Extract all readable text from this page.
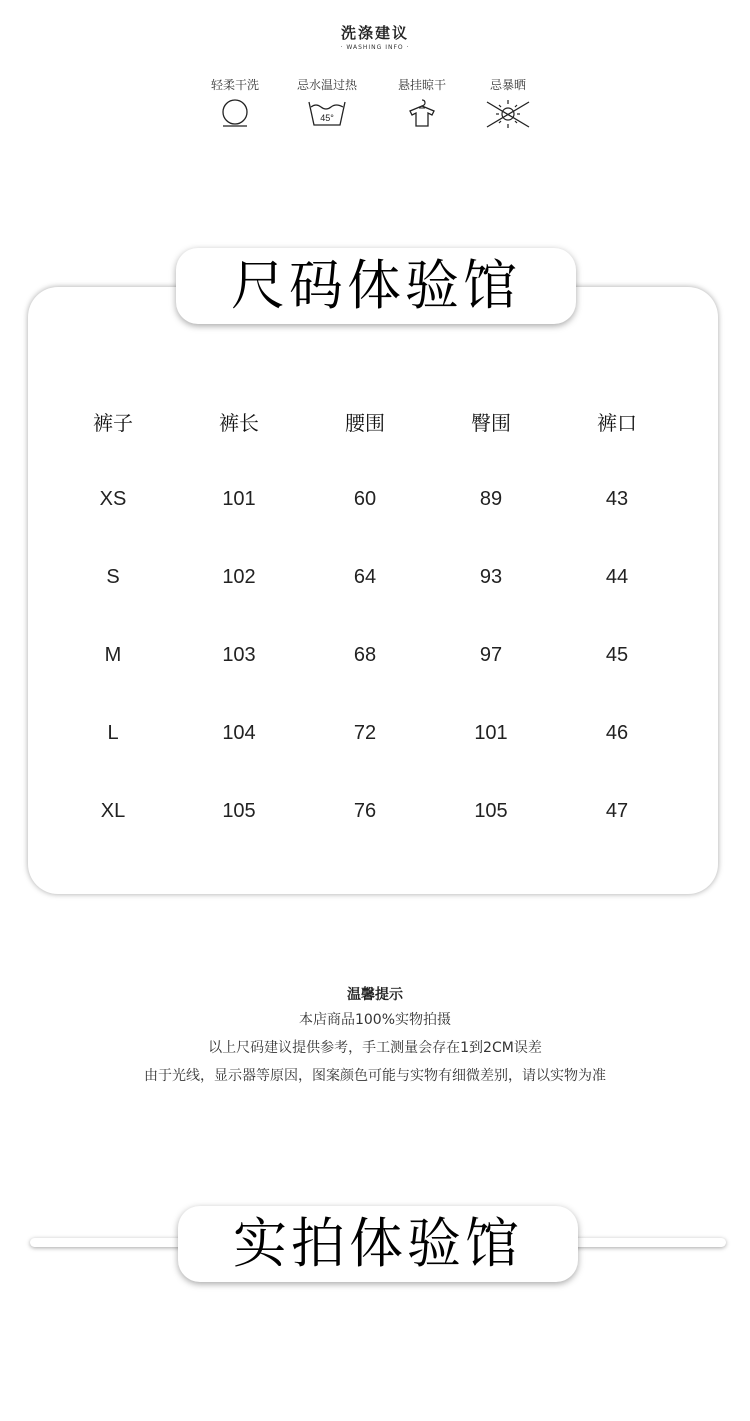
洗涤建议
· WASHING INFO ·
轻柔干洗	忌水温过热
45°
悬挂晾干	忌暴晒
尺码体验馆
裤子	裤长	腰围	臀围	裤口
XS	101	60	89	43
S	102	64	93	44
M	103	68	97	45
L	104	72	101	46
XL	105	76	105	47
温馨提示
本店商品100%实物拍摄
以上尺码建议提供参考，手工测量会存在1到2CM误差
由于光线，显示器等原因，图案颜色可能与实物有细微差别，请以实物为准
实拍体验馆
